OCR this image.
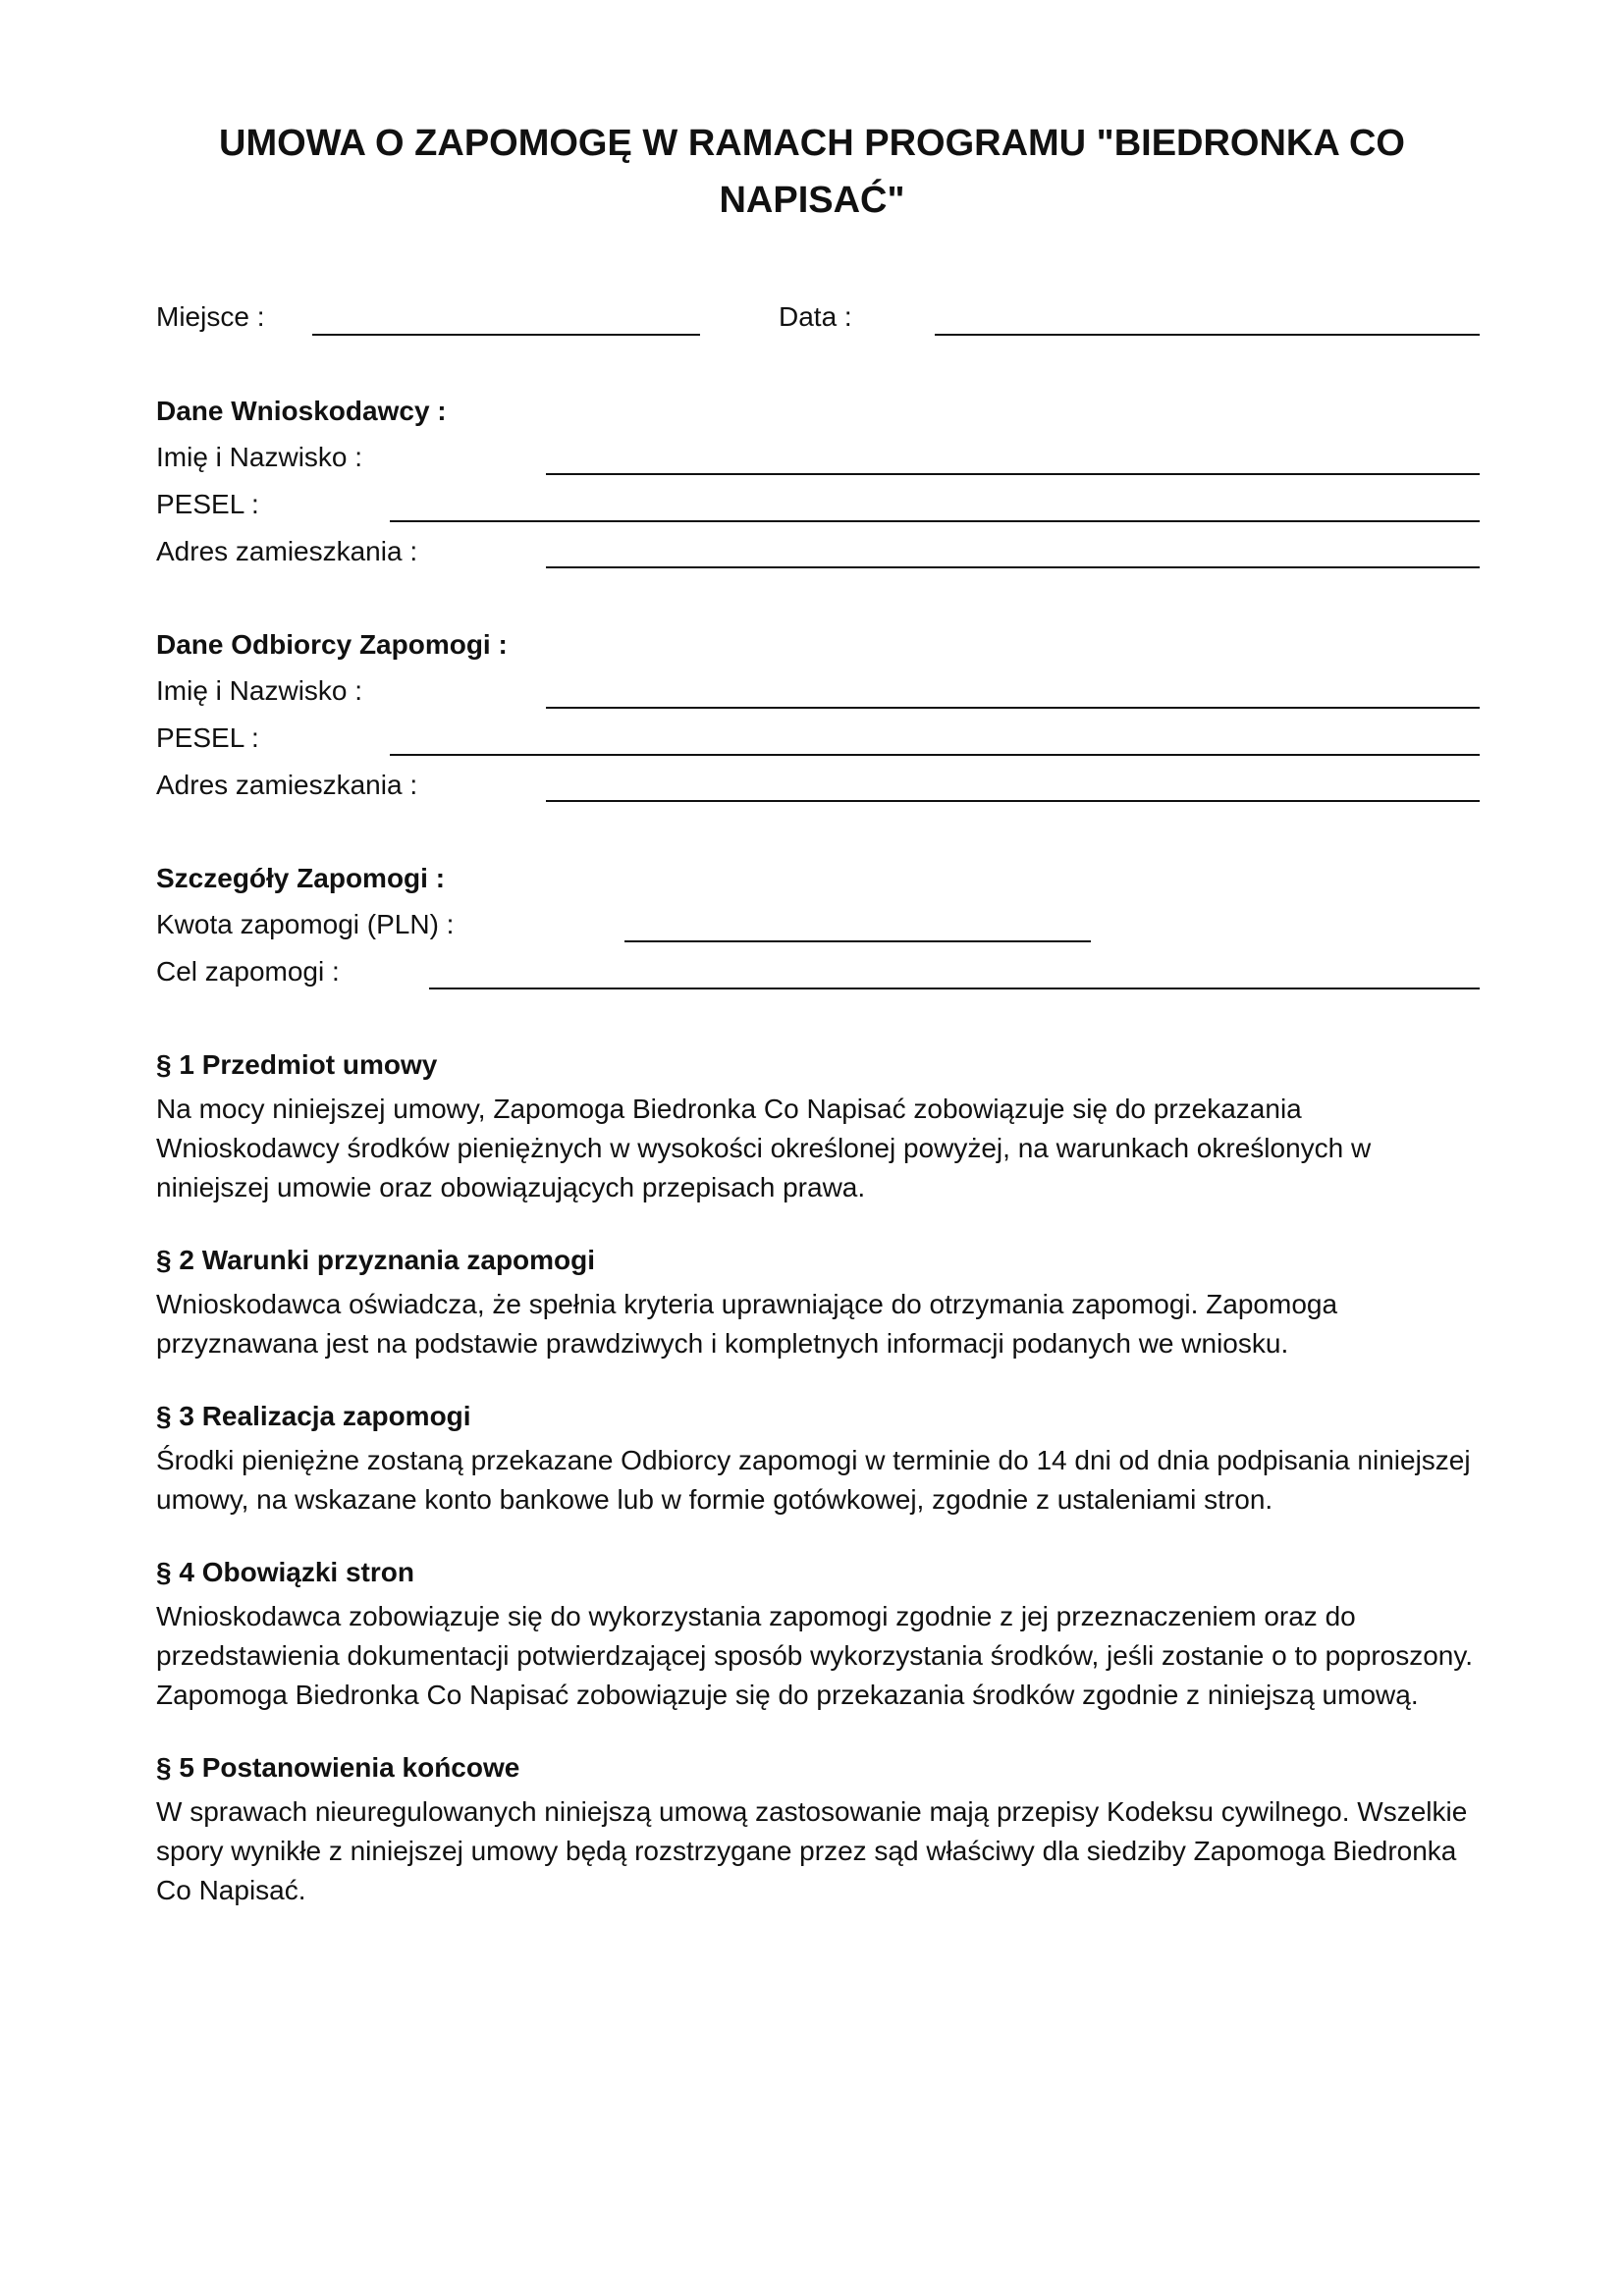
UMOWA O ZAPOMOGĘ W RAMACH PROGRAMU "BIEDRONKA CO NAPISAĆ"
Miejsce :	Data :
Dane Wnioskodawcy :
Imię i Nazwisko :
PESEL :
Adres zamieszkania :
Dane Odbiorcy Zapomogi :
Imię i Nazwisko :
PESEL :
Adres zamieszkania :
Szczegóły Zapomogi :
Kwota zapomogi (PLN) :
Cel zapomogi :
§ 1 Przedmiot umowy
Na mocy niniejszej umowy, Zapomoga Biedronka Co Napisać zobowiązuje się do przekazania Wnioskodawcy środków pieniężnych w wysokości określonej powyżej, na warunkach określonych w niniejszej umowie oraz obowiązujących przepisach prawa.
§ 2 Warunki przyznania zapomogi
Wnioskodawca oświadcza, że spełnia kryteria uprawniające do otrzymania zapomogi. Zapomoga przyznawana jest na podstawie prawdziwych i kompletnych informacji podanych we wniosku.
§ 3 Realizacja zapomogi
Środki pieniężne zostaną przekazane Odbiorcy zapomogi w terminie do 14 dni od dnia podpisania niniejszej umowy, na wskazane konto bankowe lub w formie gotówkowej, zgodnie z ustaleniami stron.
§ 4 Obowiązki stron
Wnioskodawca zobowiązuje się do wykorzystania zapomogi zgodnie z jej przeznaczeniem oraz do przedstawienia dokumentacji potwierdzającej sposób wykorzystania środków, jeśli zostanie o to poproszony. Zapomoga Biedronka Co Napisać zobowiązuje się do przekazania środków zgodnie z niniejszą umową.
§ 5 Postanowienia końcowe
W sprawach nieuregulowanych niniejszą umową zastosowanie mają przepisy Kodeksu cywilnego. Wszelkie spory wynikłe z niniejszej umowy będą rozstrzygane przez sąd właściwy dla siedziby Zapomoga Biedronka Co Napisać.
